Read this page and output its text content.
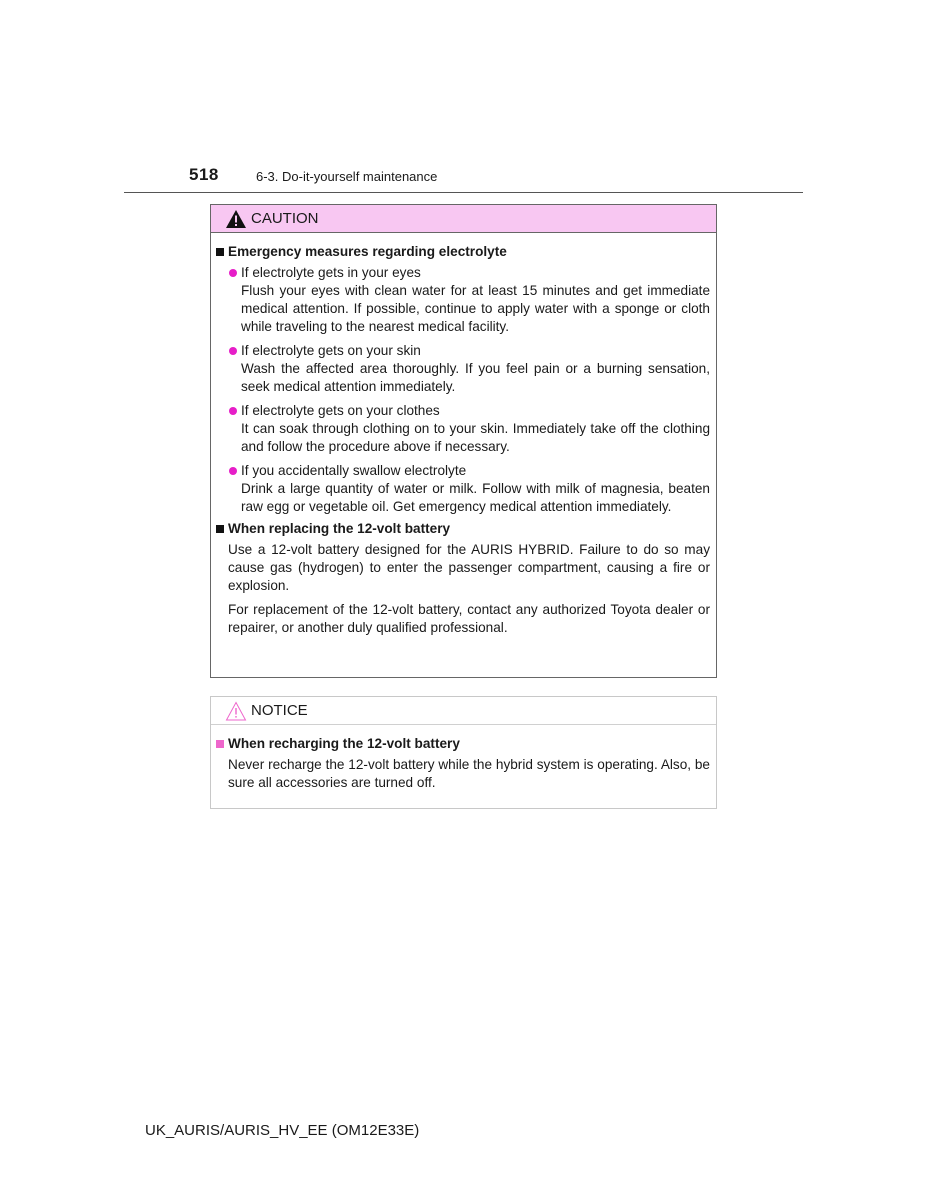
518	6-3. Do-it-yourself maintenance
CAUTION
Emergency measures regarding electrolyte
If electrolyte gets in your eyes
Flush your eyes with clean water for at least 15 minutes and get immediate medical attention. If possible, continue to apply water with a sponge or cloth while traveling to the nearest medical facility.
If electrolyte gets on your skin
Wash the affected area thoroughly. If you feel pain or a burning sensation, seek medical attention immediately.
If electrolyte gets on your clothes
It can soak through clothing on to your skin. Immediately take off the clothing and follow the procedure above if necessary.
If you accidentally swallow electrolyte
Drink a large quantity of water or milk. Follow with milk of magnesia, beaten raw egg or vegetable oil. Get emergency medical attention immediately.
When replacing the 12-volt battery
Use a 12-volt battery designed for the AURIS HYBRID. Failure to do so may cause gas (hydrogen) to enter the passenger compartment, causing a fire or explosion.
For replacement of the 12-volt battery, contact any authorized Toyota dealer or repairer, or another duly qualified professional.
NOTICE
When recharging the 12-volt battery
Never recharge the 12-volt battery while the hybrid system is operating. Also, be sure all accessories are turned off.
UK_AURIS/AURIS_HV_EE (OM12E33E)
